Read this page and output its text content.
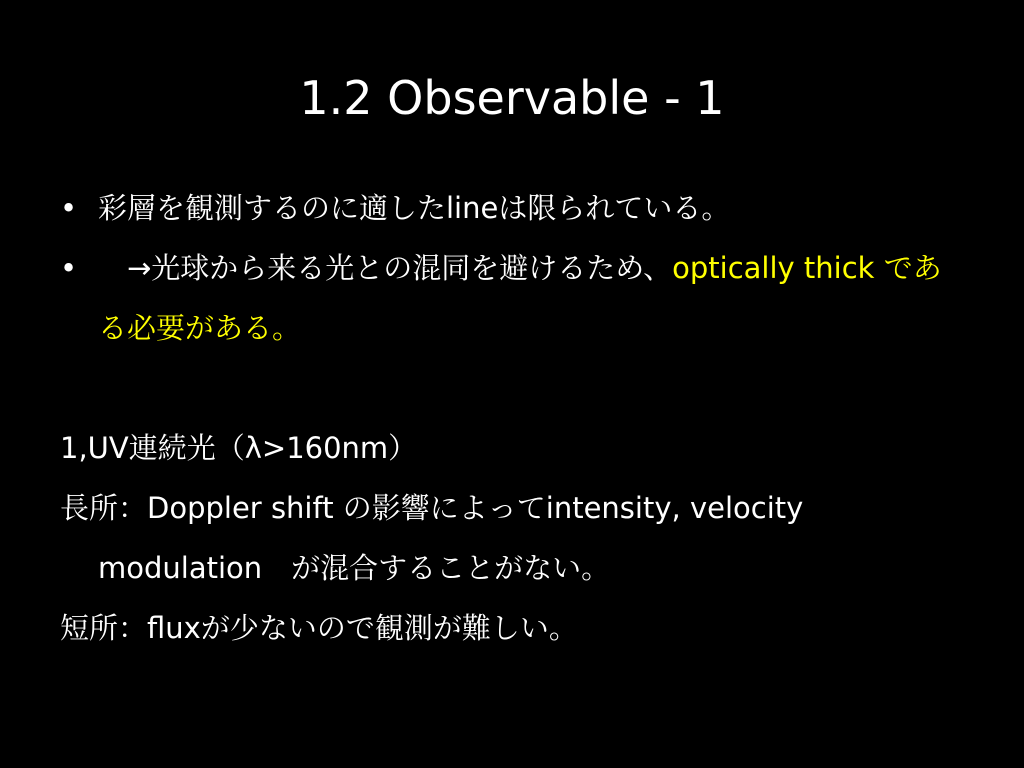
1.2 Observable - 1

• 彩層を観測するのに適したlineは限られている。

• 　→光球から来る光との混同を避けるため、optically thick である必要がある。

1,UV連続光（λ>160nm）

長所：Doppler shift の影響によってintensity, velocity modulation　が混合することがない。

短所：fluxが少ないので観測が難しい。
